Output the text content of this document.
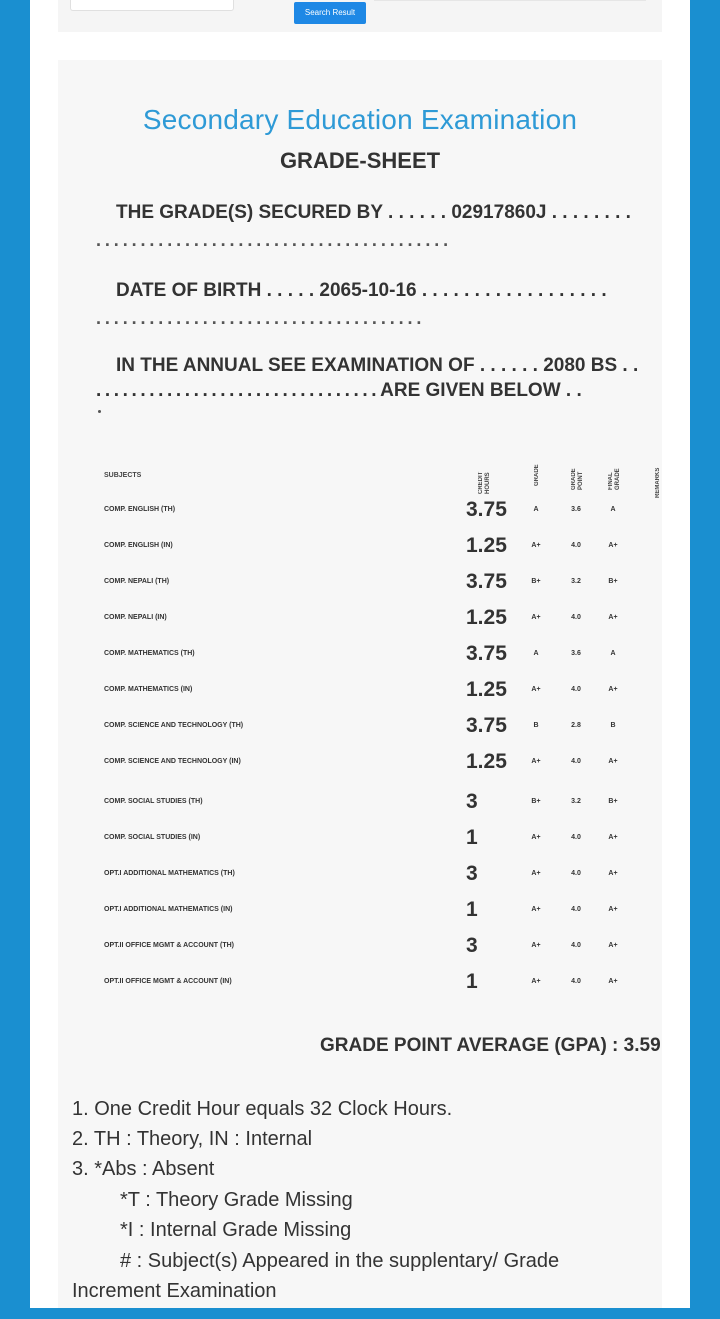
Search Result
Secondary Education Examination
GRADE-SHEET
THE GRADE(S) SECURED BY . . . . . . 02917860J . . . . . . . .
........................................
DATE OF BIRTH . . . . . 2065-10-16 . . . . . . . . . . . . . . . . . .
.....................................
IN THE ANNUAL SEE EXAMINATION OF . . . . . . 2080 BS . .
................................ARE GIVEN BELOW . .
SUBJECTS	CREDIT HOURS	GRADE	GRADE POINT	FINAL GRADE	REMARKS
COMP. ENGLISH (TH)	3.75	A	3.6	A
COMP. ENGLISH (IN)	1.25	A+	4.0	A+
COMP. NEPALI (TH)	3.75	B+	3.2	B+
COMP. NEPALI (IN)	1.25	A+	4.0	A+
COMP. MATHEMATICS (TH)	3.75	A	3.6	A
COMP. MATHEMATICS (IN)	1.25	A+	4.0	A+
COMP. SCIENCE AND TECHNOLOGY (TH)	3.75	B	2.8	B
COMP. SCIENCE AND TECHNOLOGY (IN)	1.25	A+	4.0	A+
COMP. SOCIAL STUDIES (TH)	3	B+	3.2	B+
COMP. SOCIAL STUDIES (IN)	1	A+	4.0	A+
OPT.I ADDITIONAL MATHEMATICS (TH)	3	A+	4.0	A+
OPT.I ADDITIONAL MATHEMATICS (IN)	1	A+	4.0	A+
OPT.II OFFICE MGMT & ACCOUNT (TH)	3	A+	4.0	A+
OPT.II OFFICE MGMT & ACCOUNT (IN)	1	A+	4.0	A+
GRADE POINT AVERAGE (GPA) : 3.59
1. One Credit Hour equals 32 Clock Hours.
2. TH : Theory, IN : Internal
3. *Abs : Absent
*T : Theory Grade Missing
*I : Internal Grade Missing
# : Subject(s) Appeared in the supplentary/ Grade
Increment Examination
